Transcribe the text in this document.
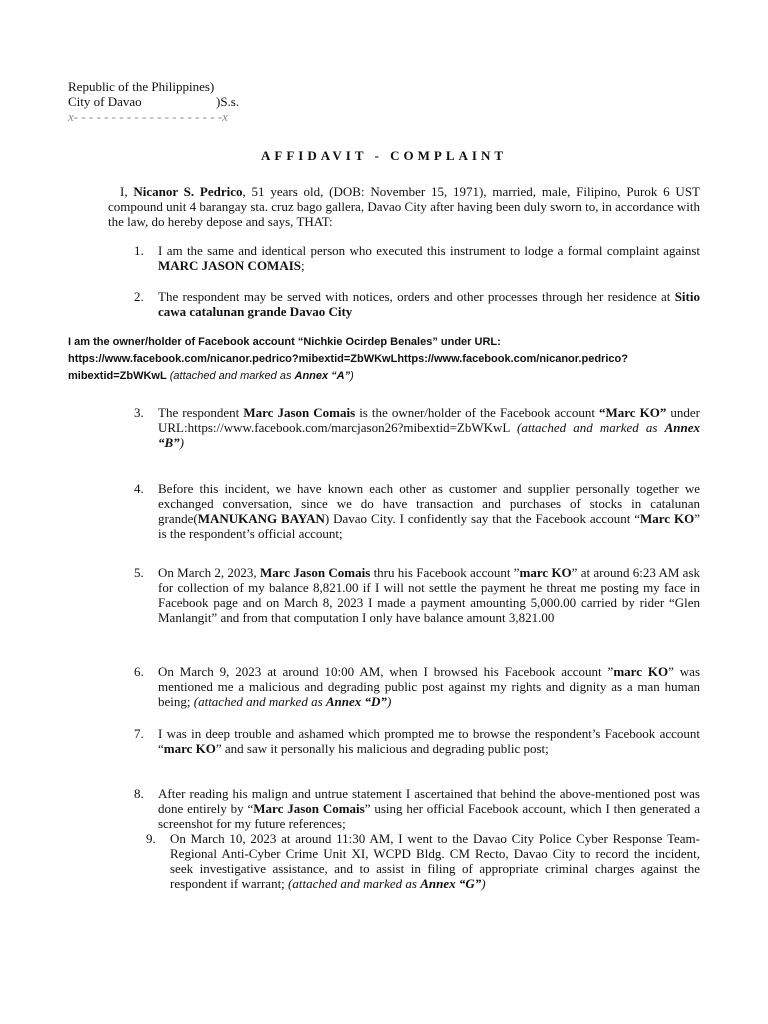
Republic of the Philippines)
City of Davao	)S.s.
x- - - - - - - - - - - - - - - - - - - -x
AFFIDAVIT - COMPLAINT
I, Nicanor S. Pedrico, 51 years old, (DOB: November 15, 1971), married, male, Filipino, Purok 6 UST compound unit 4 barangay sta. cruz bago gallera, Davao City after having been duly sworn to, in accordance with the law, do hereby depose and says, THAT:
1. I am the same and identical person who executed this instrument to lodge a formal complaint against MARC JASON COMAIS;
2. The respondent may be served with notices, orders and other processes through her residence at Sitio cawa catalunan grande Davao City
I am the owner/holder of Facebook account “Nichkie Ocirdep Benales” under URL:
https://www.facebook.com/nicanor.pedrico?mibextid=ZbWKwLhttps://www.facebook.com/nicanor.pedrico?
mibextid=ZbWKwL (attached and marked as Annex “A”)
3. The respondent Marc Jason Comais is the owner/holder of the Facebook account “Marc KO” under URL:https://www.facebook.com/marcjason26?mibextid=ZbWKwL (attached and marked as Annex “B”)
4. Before this incident, we have known each other as customer and supplier personally together we exchanged conversation, since we do have transaction and purchases of stocks in catalunan grande(MANUKANG BAYAN) Davao City. I confidently say that the Facebook account “Marc KO” is the respondent’s official account;
5. On March 2, 2023, Marc Jason Comais thru his Facebook account ”marc KO” at around 6:23 AM ask for collection of my balance 8,821.00 if I will not settle the payment he threat me posting my face in Facebook page and on March 8, 2023 I made a payment amounting 5,000.00 carried by rider “Glen Manlangit” and from that computation I only have balance amount 3,821.00
6. On March 9, 2023 at around 10:00 AM, when I browsed his Facebook account ”marc KO” was mentioned me a malicious and degrading public post against my rights and dignity as a man human being; (attached and marked as Annex “D”)
7. I was in deep trouble and ashamed which prompted me to browse the respondent’s Facebook account “marc KO” and saw it personally his malicious and degrading public post;
8. After reading his malign and untrue statement I ascertained that behind the above-mentioned post was done entirely by “Marc Jason Comais” using her official Facebook account, which I then generated a screenshot for my future references;
9. On March 10, 2023 at around 11:30 AM, I went to the Davao City Police Cyber Response Team-Regional Anti-Cyber Crime Unit XI, WCPD Bldg. CM Recto, Davao City to record the incident, seek investigative assistance, and to assist in filing of appropriate criminal charges against the respondent if warrant; (attached and marked as Annex “G”)
